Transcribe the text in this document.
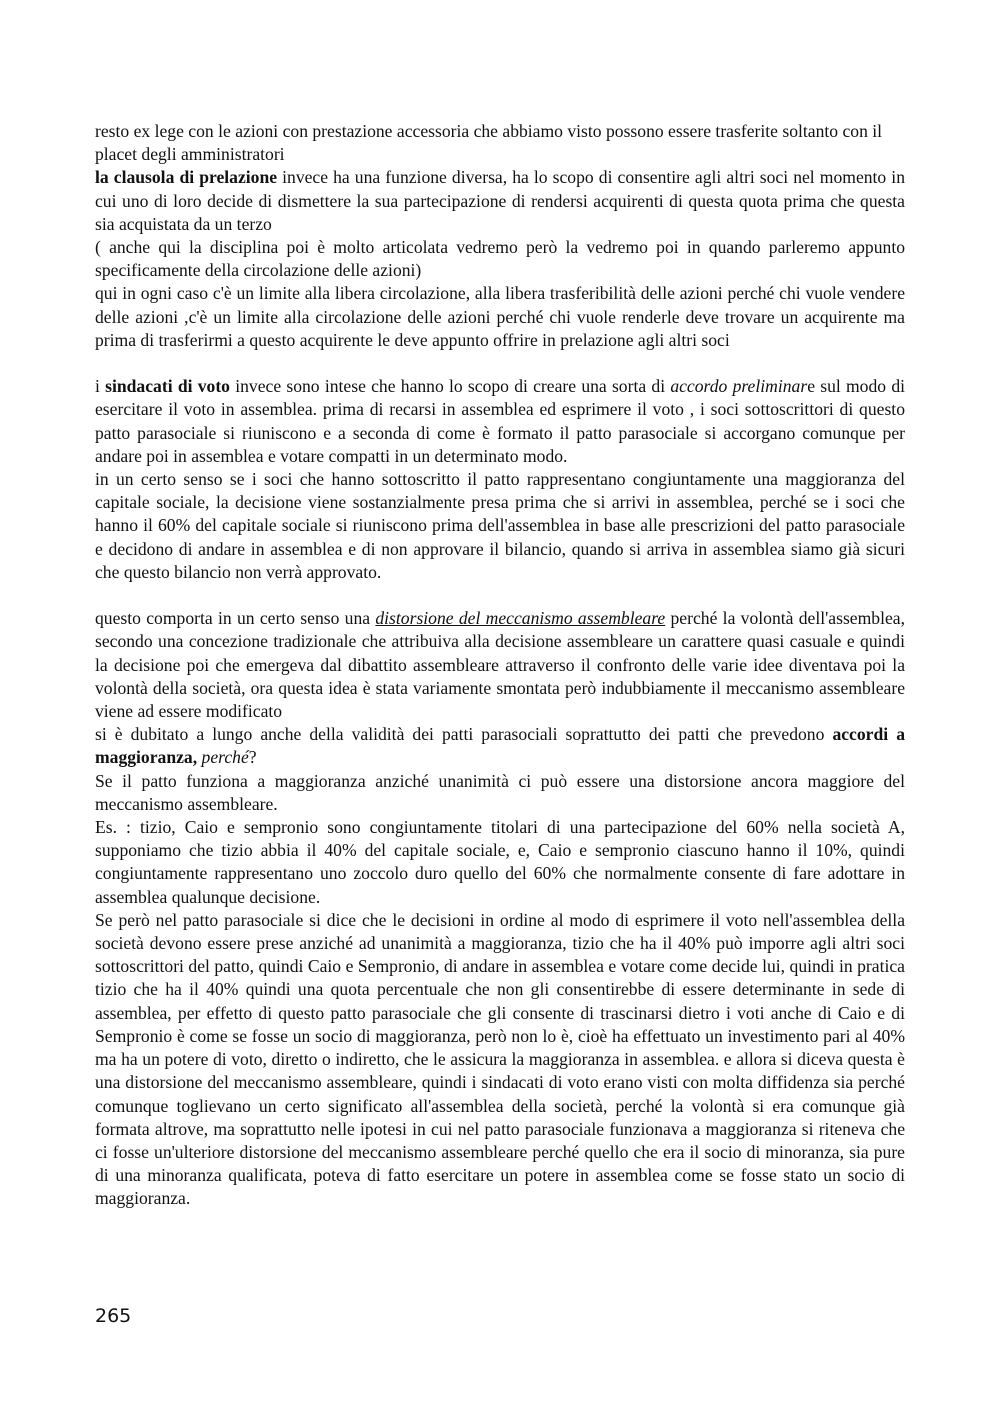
resto ex lege con le azioni con prestazione accessoria che abbiamo visto possono essere trasferite soltanto con il placet degli amministratori

la clausola di prelazione invece ha una funzione diversa, ha lo scopo di consentire agli altri soci nel momento in cui uno di loro decide di dismettere la sua partecipazione di rendersi acquirenti di questa quota prima che questa sia acquistata da un terzo

( anche qui la disciplina poi è molto articolata vedremo però la vedremo poi in quando parleremo appunto specificamente della circolazione delle azioni)

qui in ogni caso c'è un limite alla libera circolazione, alla libera trasferibilità delle azioni perché chi vuole vendere delle azioni ,c'è un limite alla circolazione delle azioni perché chi vuole renderle deve trovare un acquirente ma prima di trasferirmi a questo acquirente le deve appunto offrire in prelazione agli altri soci

i sindacati di voto invece sono intese che hanno lo scopo di creare una sorta di accordo preliminare sul modo di esercitare il voto in assemblea. prima di recarsi in assemblea ed esprimere il voto , i soci sottoscrittori di questo patto parasociale si riuniscono e a seconda di come è formato il patto parasociale si accorgano comunque per andare poi in assemblea e votare compatti in un determinato modo.

in un certo senso se i soci che hanno sottoscritto il patto rappresentano congiuntamente una maggioranza del capitale sociale, la decisione viene sostanzialmente presa prima che si arrivi in assemblea, perché se i soci che hanno il 60% del capitale sociale si riuniscono prima dell'assemblea in base alle prescrizioni del patto parasociale e decidono di andare in assemblea e di non approvare il bilancio, quando si arriva in assemblea siamo già sicuri che questo bilancio non verrà approvato.

questo comporta in un certo senso una distorsione del meccanismo assembleare perché la volontà dell'assemblea, secondo una concezione tradizionale che attribuiva alla decisione assembleare un carattere quasi casuale e quindi la decisione poi che emergeva dal dibattito assembleare attraverso il confronto delle varie idee diventava poi la volontà della società, ora questa idea è stata variamente smontata però indubbiamente il meccanismo assembleare viene ad essere modificato

si è dubitato a lungo anche della validità dei patti parasociali soprattutto dei patti che prevedono accordi a maggioranza, perché?

Se il patto funziona a maggioranza anziché unanimità ci può essere una distorsione ancora maggiore del meccanismo assembleare.

Es. : tizio, Caio e sempronio sono congiuntamente titolari di una partecipazione del 60% nella società A, supponiamo che tizio abbia il 40% del capitale sociale, e, Caio e sempronio ciascuno hanno il 10%, quindi congiuntamente rappresentano uno zoccolo duro quello del 60% che normalmente consente di fare adottare in assemblea qualunque decisione.

Se però nel patto parasociale si dice che le decisioni in ordine al modo di esprimere il voto nell'assemblea della società devono essere prese anziché ad unanimità a maggioranza, tizio che ha il 40% può imporre agli altri soci sottoscrittori del patto, quindi Caio e Sempronio, di andare in assemblea e votare come decide lui, quindi in pratica tizio che ha il 40% quindi una quota percentuale che non gli consentirebbe di essere determinante in sede di assemblea, per effetto di questo patto parasociale che gli consente di trascinarsi dietro i voti anche di Caio e di Sempronio è come se fosse un socio di maggioranza, però non lo è, cioè ha effettuato un investimento pari al 40% ma ha un potere di voto, diretto o indiretto, che le assicura la maggioranza in assemblea. e allora si diceva questa è una distorsione del meccanismo assembleare, quindi i sindacati di voto erano visti con molta diffidenza sia perché comunque toglievano un certo significato all'assemblea della società, perché la volontà si era comunque già formata altrove, ma soprattutto nelle ipotesi in cui nel patto parasociale funzionava a maggioranza si riteneva che ci fosse un'ulteriore distorsione del meccanismo assembleare perché quello che era il socio di minoranza, sia pure di una minoranza qualificata, poteva di fatto esercitare un potere in assemblea come se fosse stato un socio di maggioranza.

265
